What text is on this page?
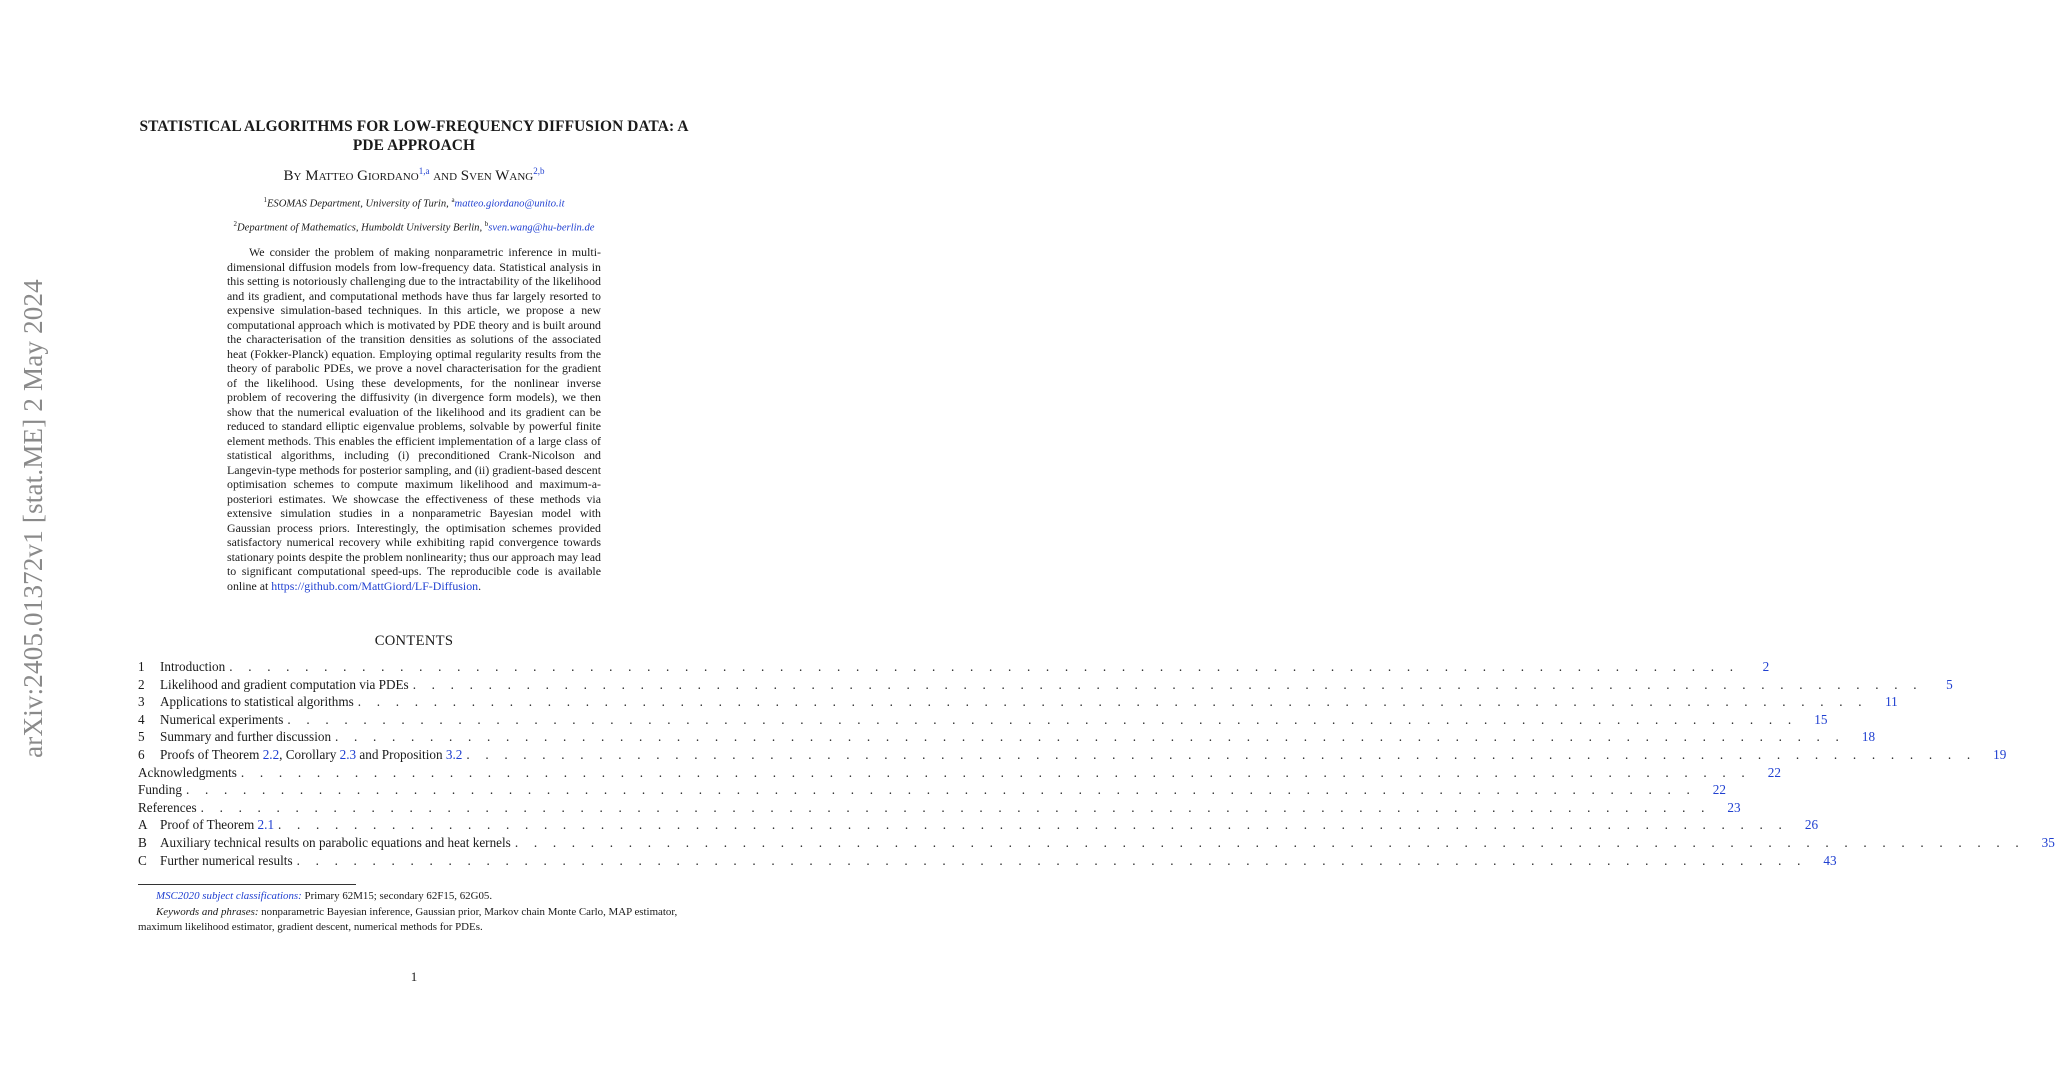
arXiv:2405.01372v1 [stat.ME] 2 May 2024
STATISTICAL ALGORITHMS FOR LOW-FREQUENCY DIFFUSION DATA: A PDE APPROACH
By Matteo Giordano$^{1,a}$ and Sven Wang$^{2,b}$
$^1$ESOMAS Department, University of Turin, $^a$matteo.giordano@unito.it
$^2$Department of Mathematics, Humboldt University Berlin, $^b$sven.wang@hu-berlin.de

We consider the problem of making nonparametric inference in multi-dimensional diffusion models from low-frequency data. Statistical analysis in this setting is notoriously challenging due to the intractability of the likelihood and its gradient, and computational methods have thus far largely resorted to expensive simulation-based techniques. In this article, we propose a new computational approach which is motivated by PDE theory and is built around the characterisation of the transition densities as solutions of the associated heat (Fokker-Planck) equation. Employing optimal regularity results from the theory of parabolic PDEs, we prove a novel characterisation for the gradient of the likelihood. Using these developments, for the nonlinear inverse problem of recovering the diffusivity (in divergence form models), we then show that the numerical evaluation of the likelihood and its gradient can be reduced to standard elliptic eigenvalue problems, solvable by powerful finite element methods. This enables the efficient implementation of a large class of statistical algorithms, including (i) preconditioned Crank-Nicolson and Langevin-type methods for posterior sampling, and (ii) gradient-based descent optimisation schemes to compute maximum likelihood and maximum-a-posteriori estimates. We showcase the effectiveness of these methods via extensive simulation studies in a nonparametric Bayesian model with Gaussian process priors. Interestingly, the optimisation schemes provided satisfactory numerical recovery while exhibiting rapid convergence towards stationary points despite the problem nonlinearity; thus our approach may lead to significant computational speed-ups. The reproducible code is available online at https://github.com/MattGiord/LF-Diffusion.

CONTENTS
1	Introduction . . . . . . . . . . . . . . . . . . . . . . . . . . . . . . . . . . . . . . . . . . . . . . . . . . . . . . . . . . . . . . . . . . . . . . . . . . . . . . . .	2
2	Likelihood and gradient computation via PDEs . . . . . . . . . . . . . . . . . . . . . . . . . . . . . . . . . . . . . . . . . . . . . . . . . . . . . . . . . . . . . . . . . . . . . . . . . . . . . . . .	5
3	Applications to statistical algorithms . . . . . . . . . . . . . . . . . . . . . . . . . . . . . . . . . . . . . . . . . . . . . . . . . . . . . . . . . . . . . . . . . . . . . . . . . . . . . . . .	11
4	Numerical experiments . . . . . . . . . . . . . . . . . . . . . . . . . . . . . . . . . . . . . . . . . . . . . . . . . . . . . . . . . . . . . . . . . . . . . . . . . . . . . . . .	15
5	Summary and further discussion . . . . . . . . . . . . . . . . . . . . . . . . . . . . . . . . . . . . . . . . . . . . . . . . . . . . . . . . . . . . . . . . . . . . . . . . . . . . . . . .	18
6	Proofs of Theorem 2.2, Corollary 2.3 and Proposition 3.2 . . . . . . . . . . . . . . . . . . . . . . . . . . . . . . . . . . . . . . . . . . . . . . . . . . . . . . . . . . . . . . . . . . . . . . . . . . . . . . . .	19
Acknowledgments . . . . . . . . . . . . . . . . . . . . . . . . . . . . . . . . . . . . . . . . . . . . . . . . . . . . . . . . . . . . . . . . . . . . . . . . . . . . . . . .	22
Funding . . . . . . . . . . . . . . . . . . . . . . . . . . . . . . . . . . . . . . . . . . . . . . . . . . . . . . . . . . . . . . . . . . . . . . . . . . . . . . . .	22
References . . . . . . . . . . . . . . . . . . . . . . . . . . . . . . . . . . . . . . . . . . . . . . . . . . . . . . . . . . . . . . . . . . . . . . . . . . . . . . . .	23
A Proof of Theorem 2.1 . . . . . . . . . . . . . . . . . . . . . . . . . . . . . . . . . . . . . . . . . . . . . . . . . . . . . . . . . . . . . . . . . . . . . . . . . . . . . . . .	26
B	Auxiliary technical results on parabolic equations and heat kernels . . . . . . . . . . . . . . . . . . . . . . . . . . . . . . . . . . . . . . . . . . . . . . . . . . . . . . . . . . . . . . . . . . . . . . . . . . . . . . . .	35
C	Further numerical results . . . . . . . . . . . . . . . . . . . . . . . . . . . . . . . . . . . . . . . . . . . . . . . . . . . . . . . . . . . . . . . . . . . . . . . . . . . . . . . .	43
MSC2020 subject classifications: Primary 62M15; secondary 62F15, 62G05.
Keywords and phrases: nonparametric Bayesian inference, Gaussian prior, Markov chain Monte Carlo, MAP estimator, maximum likelihood estimator, gradient descent, numerical methods for PDEs.
1
